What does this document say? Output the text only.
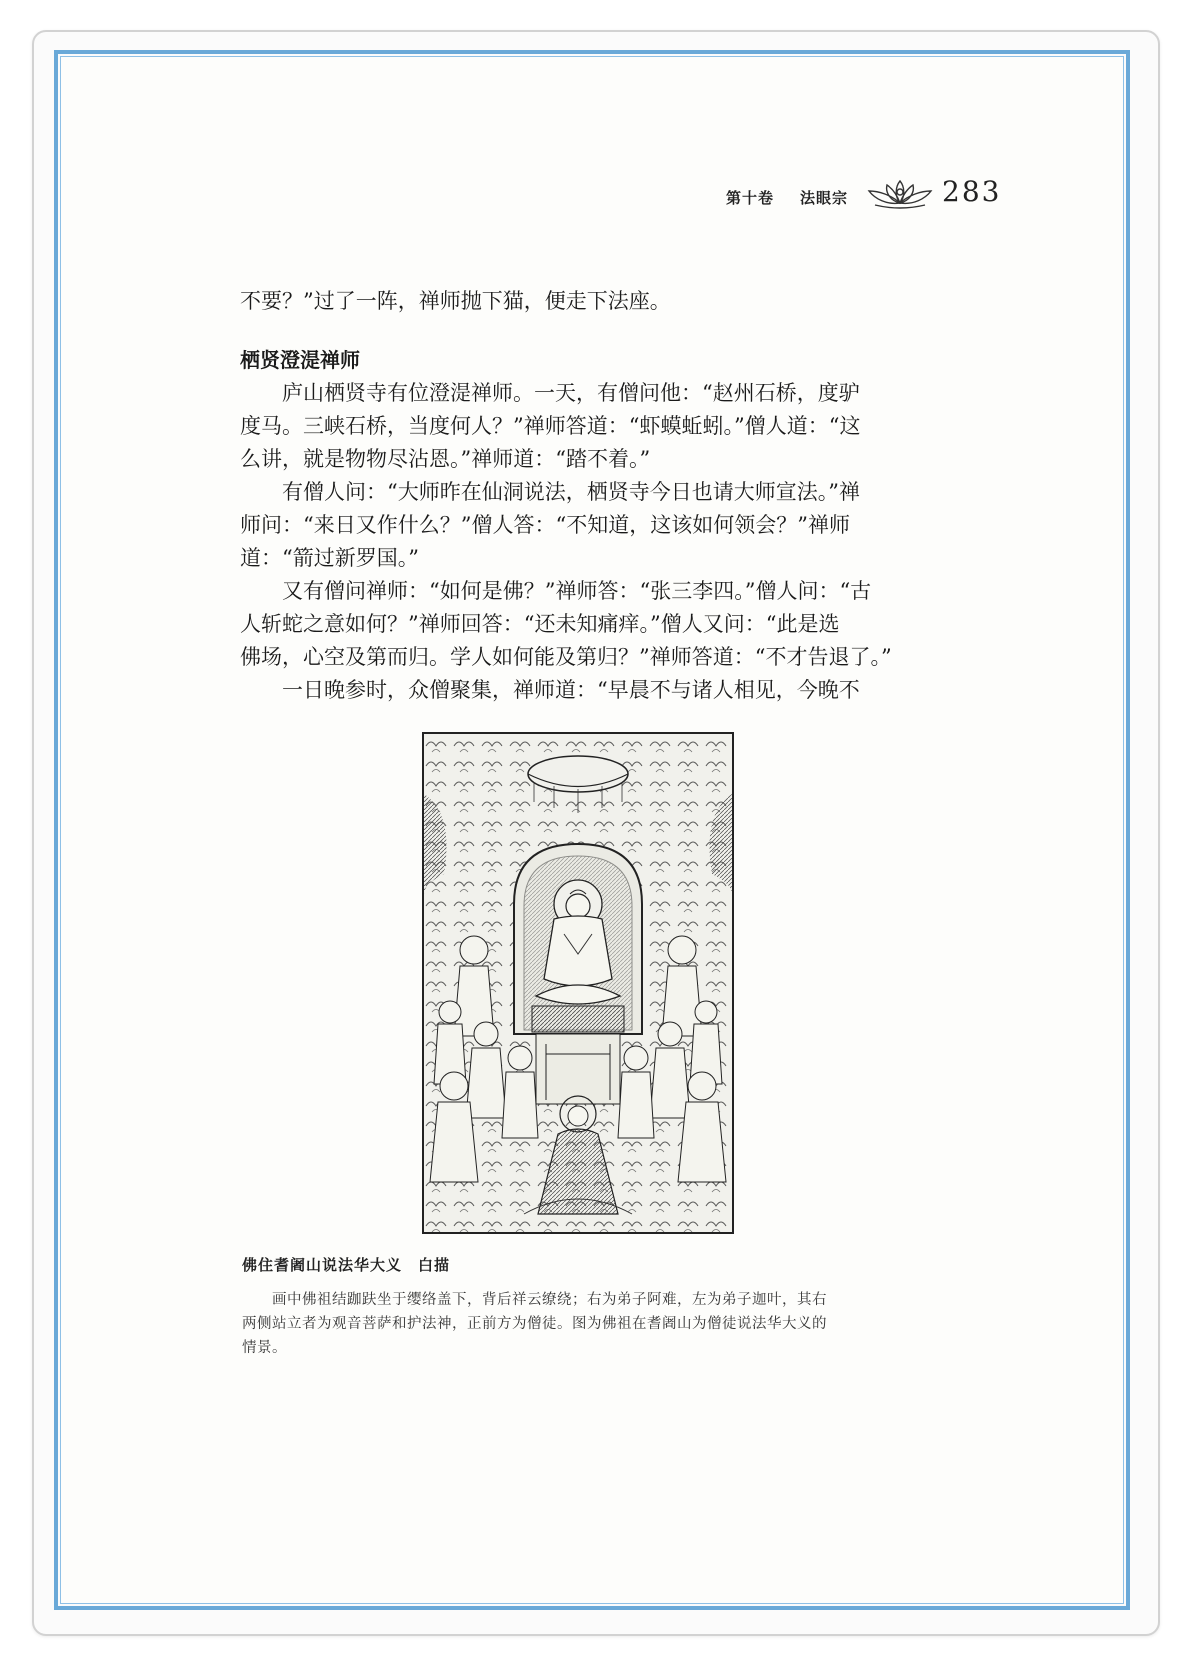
第十卷 法眼宗	283
不要？”过了一阵，禅师抛下猫，便走下法座。
栖贤澄湜禅师
庐山栖贤寺有位澄湜禅师。一天，有僧问他：“赵州石桥，度驴
度马。三峡石桥，当度何人？”禅师答道：“虾蟆蚯蚓。”僧人道：“这
么讲，就是物物尽沾恩。”禅师道：“踏不着。”
有僧人问：“大师昨在仙洞说法，栖贤寺今日也请大师宣法。”禅
师问：“来日又作什么？”僧人答：“不知道，这该如何领会？”禅师
道：“箭过新罗国。”
又有僧问禅师：“如何是佛？”禅师答：“张三李四。”僧人问：“古
人斩蛇之意如何？”禅师回答：“还未知痛痒。”僧人又问：“此是选
佛场，心空及第而归。学人如何能及第归？”禅师答道：“不才告退了。”
一日晚参时，众僧聚集，禅师道：“早晨不与诸人相见，今晚不
佛住耆阇山说法华大义　白描
画中佛祖结跏趺坐于缨络盖下，背后祥云缭绕；右为弟子阿难，左为弟子迦叶，其右
两侧站立者为观音菩萨和护法神，正前方为僧徒。图为佛祖在耆阇山为僧徒说法华大义的
情景。
